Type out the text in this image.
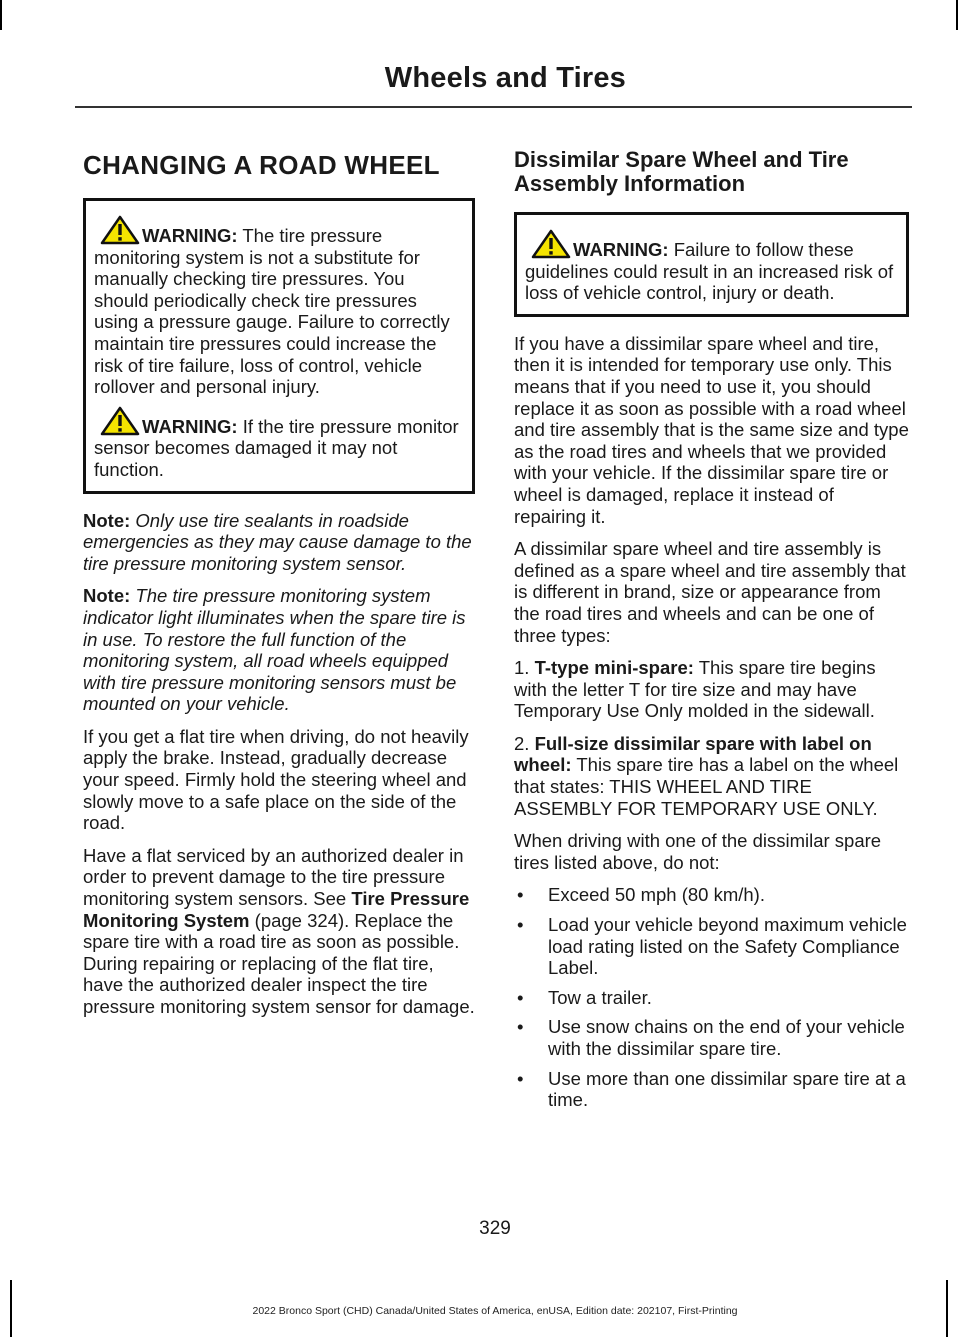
Wheels and Tires
CHANGING A ROAD WHEEL

WARNING: The tire pressure monitoring system is not a substitute for manually checking tire pressures. You should periodically check tire pressures using a pressure gauge. Failure to correctly maintain tire pressures could increase the risk of tire failure, loss of control, vehicle rollover and personal injury.

WARNING: If the tire pressure monitor sensor becomes damaged it may not function.

Note: Only use tire sealants in roadside emergencies as they may cause damage to the tire pressure monitoring system sensor.

Note: The tire pressure monitoring system indicator light illuminates when the spare tire is in use. To restore the full function of the monitoring system, all road wheels equipped with tire pressure monitoring sensors must be mounted on your vehicle.

If you get a flat tire when driving, do not heavily apply the brake. Instead, gradually decrease your speed. Firmly hold the steering wheel and slowly move to a safe place on the side of the road.

Have a flat serviced by an authorized dealer in order to prevent damage to the tire pressure monitoring system sensors. See Tire Pressure Monitoring System (page 324). Replace the spare tire with a road tire as soon as possible. During repairing or replacing of the flat tire, have the authorized dealer inspect the tire pressure monitoring system sensor for damage.

Dissimilar Spare Wheel and Tire Assembly Information

WARNING: Failure to follow these guidelines could result in an increased risk of loss of vehicle control, injury or death.

If you have a dissimilar spare wheel and tire, then it is intended for temporary use only. This means that if you need to use it, you should replace it as soon as possible with a road wheel and tire assembly that is the same size and type as the road tires and wheels that we provided with your vehicle. If the dissimilar spare tire or wheel is damaged, replace it instead of repairing it.

A dissimilar spare wheel and tire assembly is defined as a spare wheel and tire assembly that is different in brand, size or appearance from the road tires and wheels and can be one of three types:

1. T-type mini-spare: This spare tire begins with the letter T for tire size and may have Temporary Use Only molded in the sidewall.

2. Full-size dissimilar spare with label on wheel: This spare tire has a label on the wheel that states: THIS WHEEL AND TIRE ASSEMBLY FOR TEMPORARY USE ONLY.

When driving with one of the dissimilar spare tires listed above, do not:

• Exceed 50 mph (80 km/h).
• Load your vehicle beyond maximum vehicle load rating listed on the Safety Compliance Label.
• Tow a trailer.
• Use snow chains on the end of your vehicle with the dissimilar spare tire.
• Use more than one dissimilar spare tire at a time.
329
2022 Bronco Sport (CHD) Canada/United States of America, enUSA, Edition date: 202107, First-Printing
